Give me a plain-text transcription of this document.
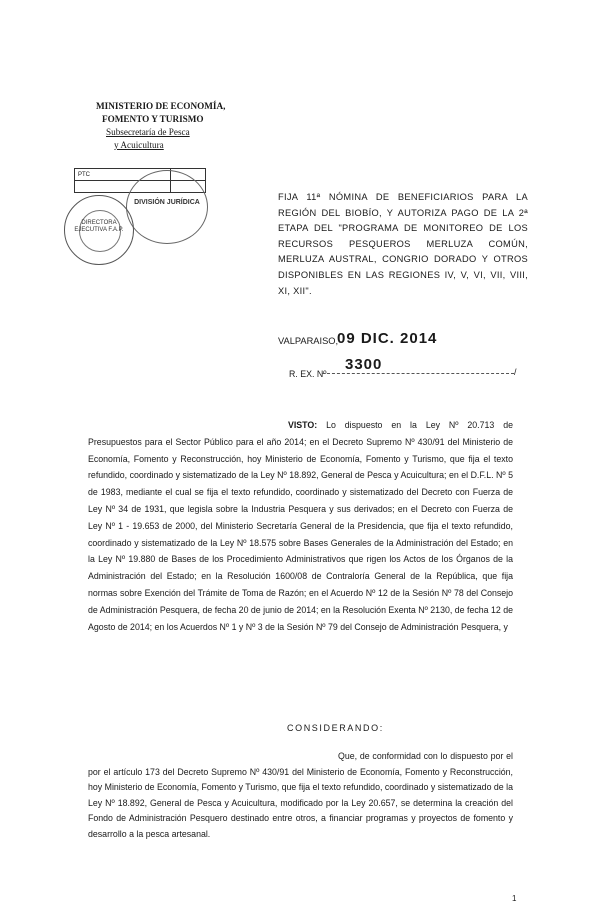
MINISTERIO DE ECONOMÍA,
FOMENTO Y TURISMO
Subsecretaría de Pesca
y Acuicultura
PTC	

DIVISIÓN JURÍDICA
DIRECTORA EJECUTIVA F.A.P.
FIJA 11ª NÓMINA DE BENEFICIARIOS PARA LA REGIÓN DEL BIOBÍO, Y AUTORIZA PAGO DE LA 2ª ETAPA DEL "PROGRAMA DE MONITOREO DE LOS RECURSOS PESQUEROS MERLUZA COMÚN, MERLUZA AUSTRAL, CONGRIO DORADO Y OTROS DISPONIBLES EN LAS REGIONES IV, V, VI, VII, VIII, XI, XII".
VALPARAISO,
09 DIC. 2014
R. EX. Nº
3300	/
VISTO: Lo dispuesto en la Ley Nº 20.713 de Presupuestos para el Sector Público para el año 2014; en el Decreto Supremo Nº 430/91 del Ministerio de Economía, Fomento y Reconstrucción, hoy Ministerio de Economía, Fomento y Turismo, que fija el texto refundido, coordinado y sistematizado de la Ley Nº 18.892, General de Pesca y Acuicultura; en el D.F.L. Nº 5 de 1983, mediante el cual se fija el texto refundido, coordinado y sistematizado del Decreto con Fuerza de Ley Nº 34 de 1931, que legisla sobre la Industria Pesquera y sus derivados; en el Decreto con Fuerza de Ley Nº 1 - 19.653 de 2000, del Ministerio Secretaría General de la Presidencia, que fija el texto refundido, coordinado y sistematizado de la Ley Nº 18.575 sobre Bases Generales de la Administración del Estado; en la Ley Nº 19.880 de Bases de los Procedimiento Administrativos que rigen los Actos de los Órganos de la Administración del Estado; en la Resolución 1600/08 de Contraloría General de la República, que fija normas sobre Exención del Trámite de Toma de Razón; en el Acuerdo Nº 12 de la Sesión Nº 78 del Consejo de Administración Pesquera, de fecha 20 de junio de 2014; en la Resolución Exenta Nº 2130, de fecha 12 de Agosto de 2014; en los Acuerdos Nº 1 y Nº 3 de la Sesión Nº 79 del Consejo de Administración Pesquera, y
CONSIDERANDO:
Que, de conformidad con lo dispuesto por el por el artículo 173 del Decreto Supremo Nº 430/91 del Ministerio de Economía, Fomento y Reconstrucción, hoy Ministerio de Economía, Fomento y Turismo, que fija el texto refundido, coordinado y sistematizado de la Ley Nº 18.892, General de Pesca y Acuicultura, modificado por la Ley 20.657, se determina la creación del Fondo de Administración Pesquero destinado entre otros, a financiar programas y proyectos de fomento y desarrollo a la pesca artesanal.
1
